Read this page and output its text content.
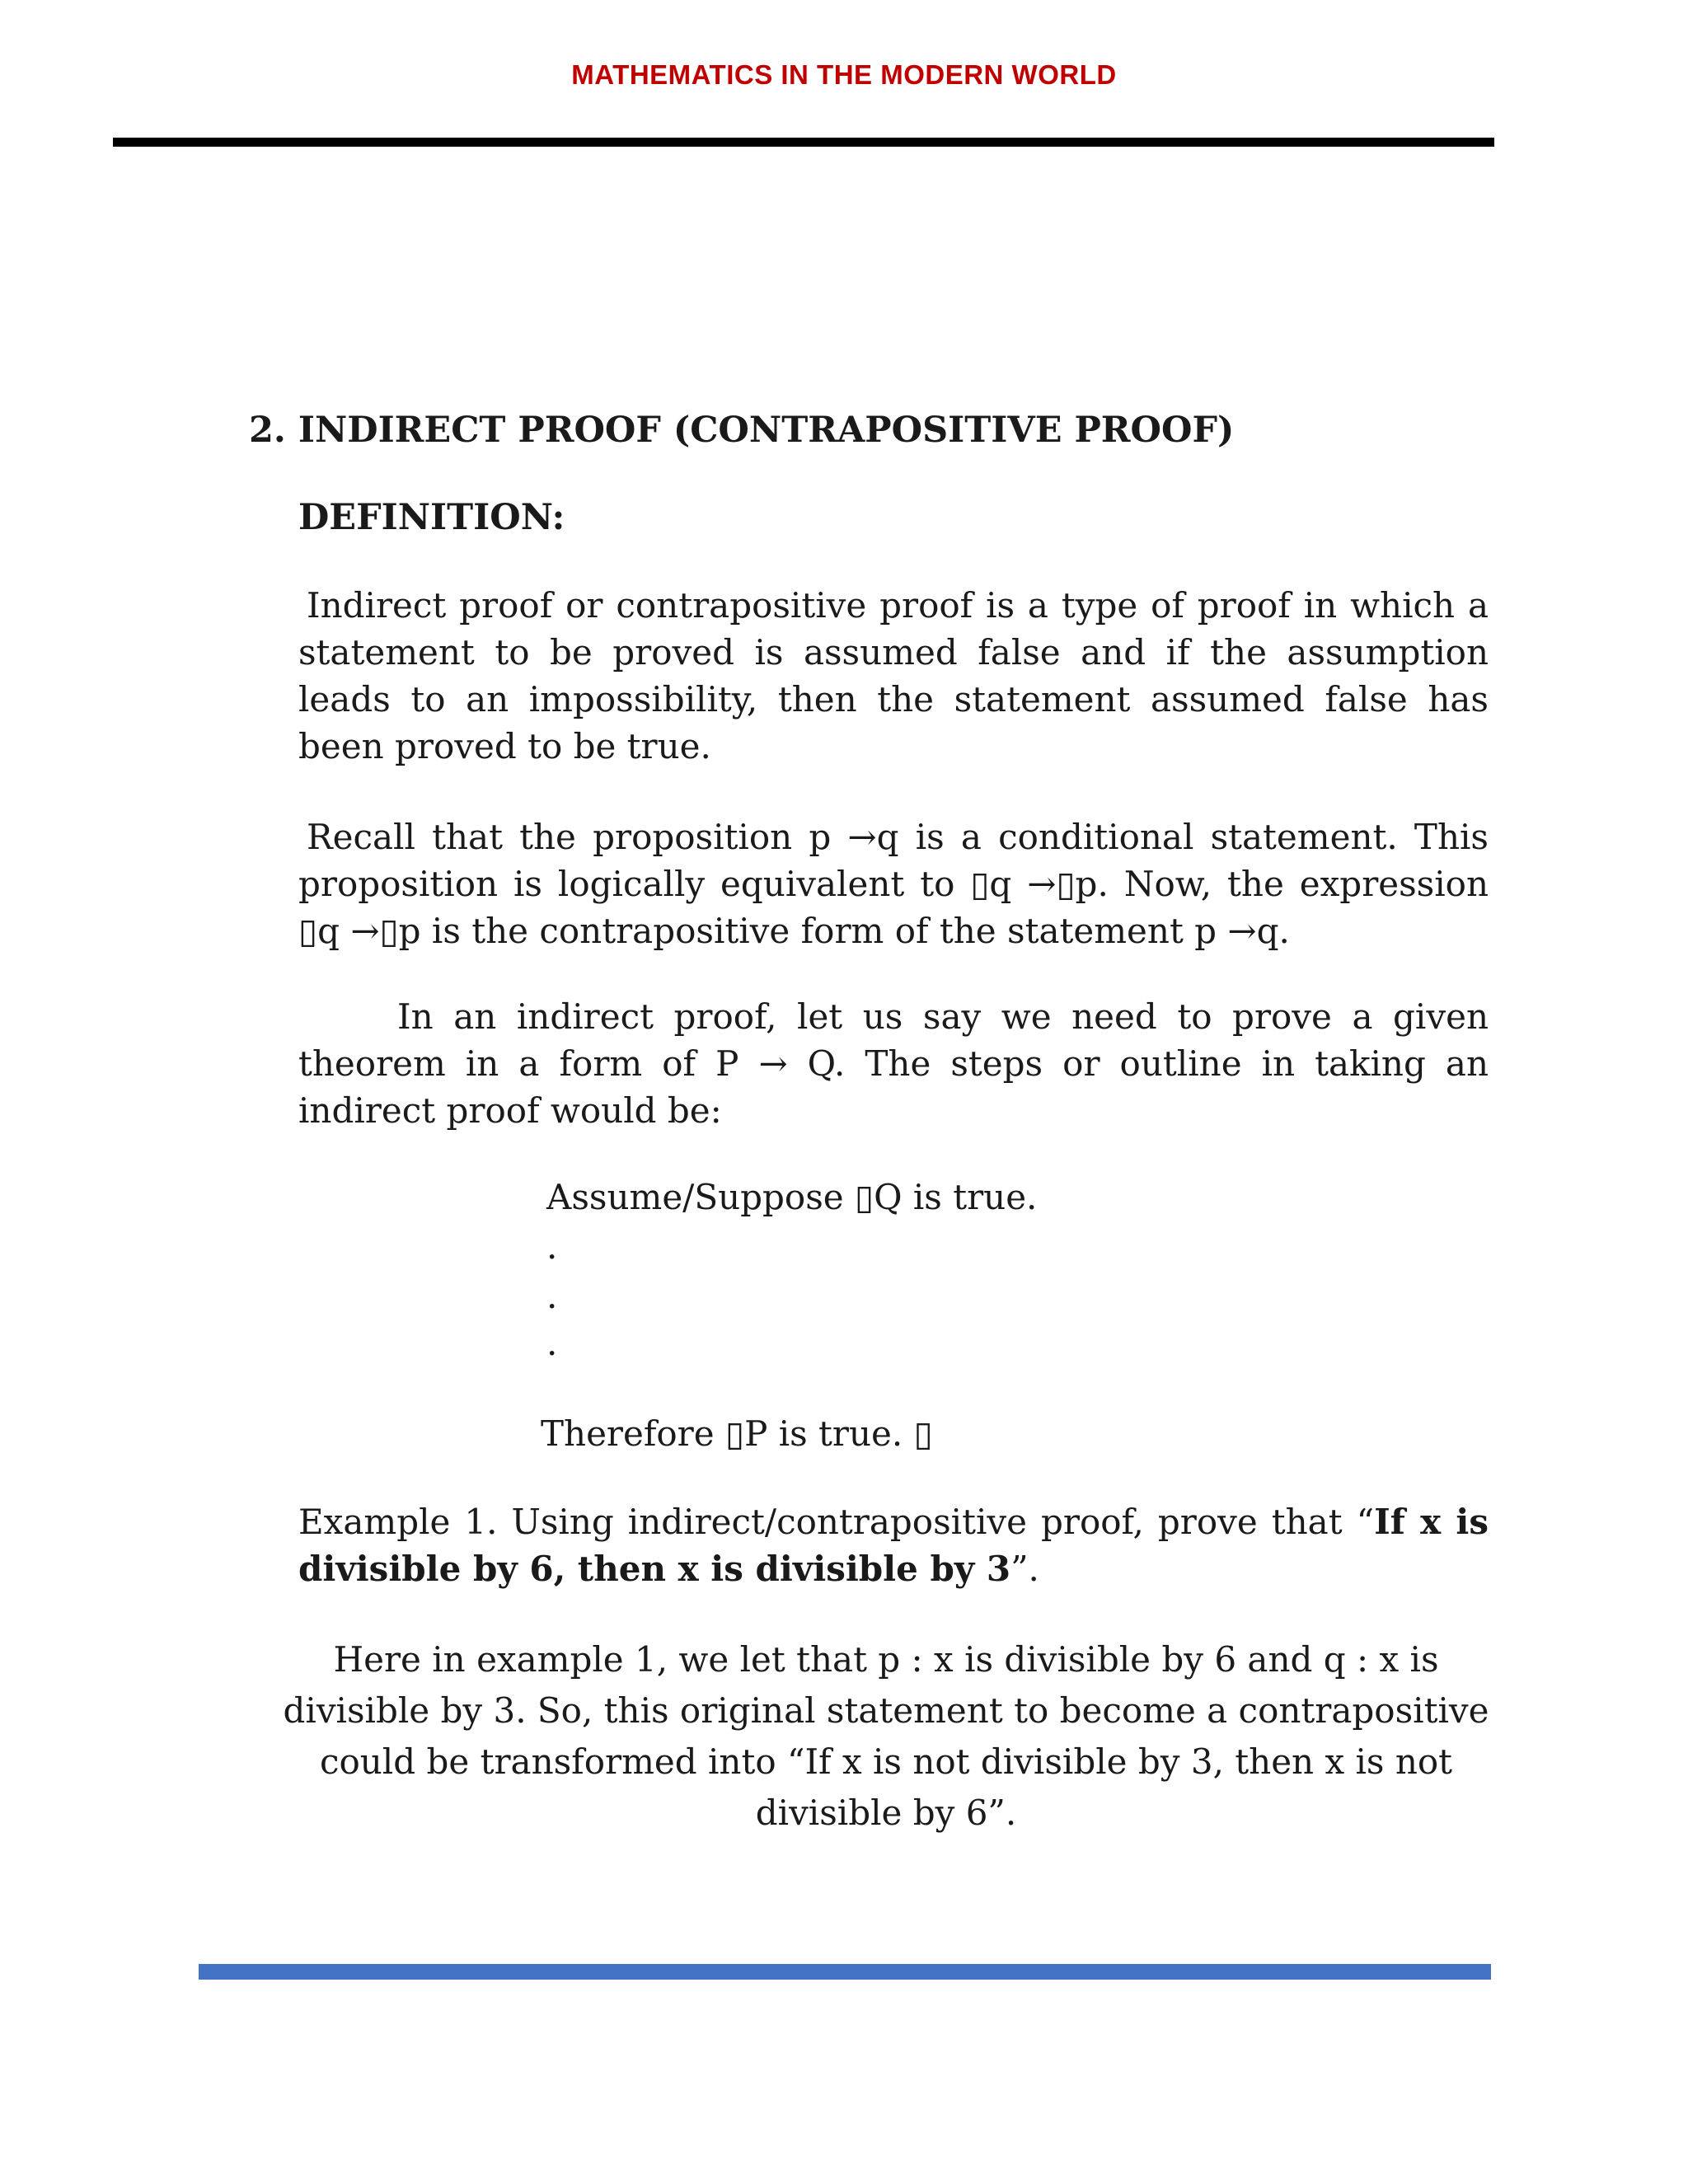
MATHEMATICS IN THE MODERN WORLD
2. INDIRECT PROOF (CONTRAPOSITIVE PROOF)
DEFINITION:
Indirect proof or contrapositive proof is a type of proof in which a statement to be proved is assumed false and if the assumption leads to an impossibility, then the statement assumed false has been proved to be true.
Recall that the proposition p →q is a conditional statement. This proposition is logically equivalent to ▯q →▯p. Now, the expression ▯q →▯p is the contrapositive form of the statement p →q.
In an indirect proof, let us say we need to prove a given theorem in a form of P → Q. The steps or outline in taking an indirect proof would be:
Assume/Suppose ▯Q is true.
.
.
.
Therefore ▯P is true. ▯
Example 1. Using indirect/contrapositive proof, prove that “If x is divisible by 6, then x is divisible by 3”.
Here in example 1, we let that p : x is divisible by 6 and q : x is divisible by 3. So, this original statement to become a contrapositive could be transformed into “If x is not divisible by 3, then x is not divisible by 6”.
